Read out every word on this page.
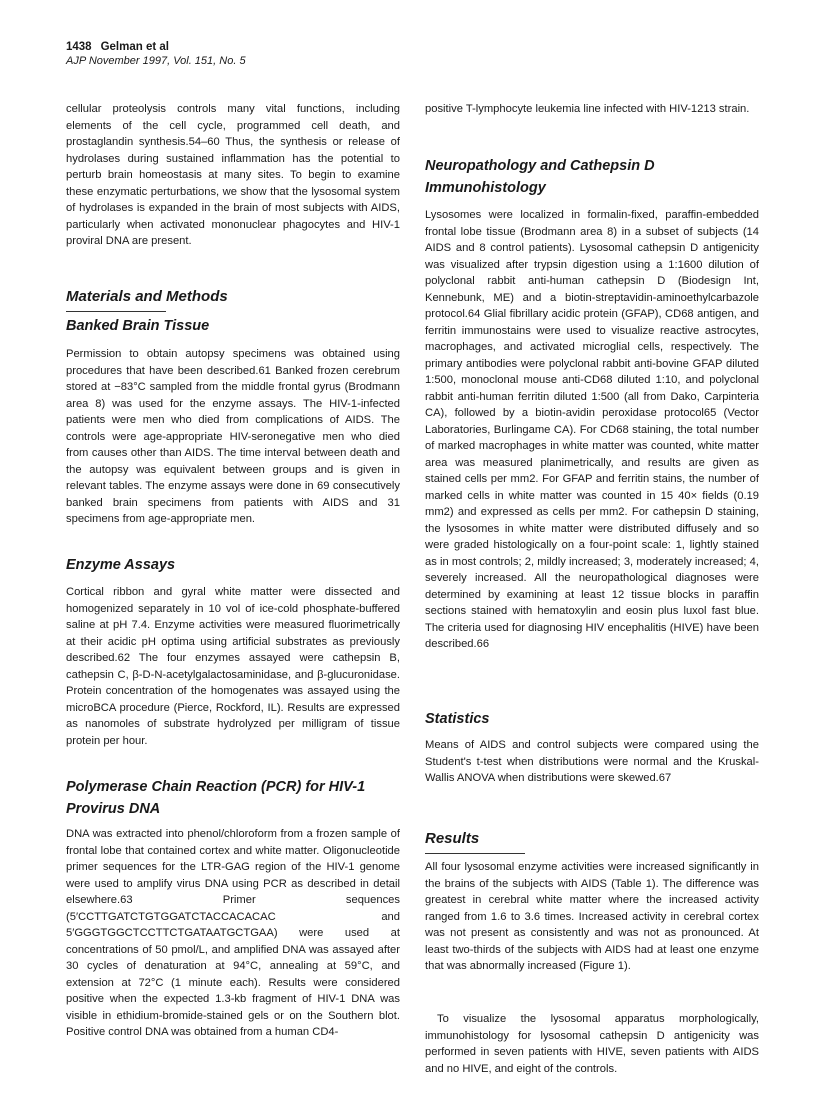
1438 Gelman et al
AJP November 1997, Vol. 151, No. 5

cellular proteolysis controls many vital functions, including elements of the cell cycle, programmed cell death, and prostaglandin synthesis.54–60 Thus, the synthesis or release of hydrolases during sustained inflammation has the potential to perturb brain homeostasis at many sites. To begin to examine these enzymatic perturbations, we show that the lysosomal system of hydrolases is expanded in the brain of most subjects with AIDS, particularly when activated mononuclear phagocytes and HIV-1 proviral DNA are present.

Materials and Methods
Banked Brain Tissue

Permission to obtain autopsy specimens was obtained using procedures that have been described.61 Banked frozen cerebrum stored at −83°C sampled from the middle frontal gyrus (Brodmann area 8) was used for the enzyme assays. The HIV-1-infected patients were men who died from complications of AIDS. The controls were age-appropriate HIV-seronegative men who died from causes other than AIDS. The time interval between death and the autopsy was equivalent between groups and is given in relevant tables. The enzyme assays were done in 69 consecutively banked brain specimens from patients with AIDS and 31 specimens from age-appropriate men.

Enzyme Assays

Cortical ribbon and gyral white matter were dissected and homogenized separately in 10 vol of ice-cold phosphate-buffered saline at pH 7.4. Enzyme activities were measured fluorimetrically at their acidic pH optima using artificial substrates as previously described.62 The four enzymes assayed were cathepsin B, cathepsin C, β-D-N-acetylgalactosaminidase, and β-glucuronidase. Protein concentration of the homogenates was assayed using the microBCA procedure (Pierce, Rockford, IL). Results are expressed as nanomoles of substrate hydrolyzed per milligram of tissue protein per hour.

Polymerase Chain Reaction (PCR) for HIV-1
Provirus DNA

DNA was extracted into phenol/chloroform from a frozen sample of frontal lobe that contained cortex and white matter. Oligonucleotide primer sequences for the LTR-GAG region of the HIV-1 genome were used to amplify virus DNA using PCR as described in detail elsewhere.63 Primer sequences (5′CCTTGATCTGTGGATCTACCACACAC and 5′GGGTGGCTCCTTCTGATAATGCTGAA) were used at concentrations of 50 pmol/L, and amplified DNA was assayed after 30 cycles of denaturation at 94°C, annealing at 59°C, and extension at 72°C (1 minute each). Results were considered positive when the expected 1.3-kb fragment of HIV-1 DNA was visible in ethidium-bromide-stained gels or on the Southern blot. Positive control DNA was obtained from a human CD4-

positive T-lymphocyte leukemia line infected with HIV-1213 strain.

Neuropathology and Cathepsin D
Immunohistology

Lysosomes were localized in formalin-fixed, paraffin-embedded frontal lobe tissue (Brodmann area 8) in a subset of subjects (14 AIDS and 8 control patients). Lysosomal cathepsin D antigenicity was visualized after trypsin digestion using a 1:1600 dilution of polyclonal rabbit anti-human cathepsin D (Biodesign Int, Kennebunk, ME) and a biotin-streptavidin-aminoethylcarbazole protocol.64 Glial fibrillary acidic protein (GFAP), CD68 antigen, and ferritin immunostains were used to visualize reactive astrocytes, macrophages, and activated microglial cells, respectively. The primary antibodies were polyclonal rabbit anti-bovine GFAP diluted 1:500, monoclonal mouse anti-CD68 diluted 1:10, and polyclonal rabbit anti-human ferritin diluted 1:500 (all from Dako, Carpinteria CA), followed by a biotin-avidin peroxidase protocol65 (Vector Laboratories, Burlingame CA). For CD68 staining, the total number of marked macrophages in white matter was counted, white matter area was measured planimetrically, and results are given as stained cells per mm2. For GFAP and ferritin stains, the number of marked cells in white matter was counted in 15 40× fields (0.19 mm2) and expressed as cells per mm2. For cathepsin D staining, the lysosomes in white matter were distributed diffusely and so were graded histologically on a four-point scale: 1, lightly stained as in most controls; 2, mildly increased; 3, moderately increased; 4, severely increased. All the neuropathological diagnoses were determined by examining at least 12 tissue blocks in paraffin sections stained with hematoxylin and eosin plus luxol fast blue. The criteria used for diagnosing HIV encephalitis (HIVE) have been described.66

Statistics

Means of AIDS and control subjects were compared using the Student's t-test when distributions were normal and the Kruskal-Wallis ANOVA when distributions were skewed.67

Results

All four lysosomal enzyme activities were increased significantly in the brains of the subjects with AIDS (Table 1). The difference was greatest in cerebral white matter where the increased activity ranged from 1.6 to 3.6 times. Increased activity in cerebral cortex was not present as consistently and was not as pronounced. At least two-thirds of the subjects with AIDS had at least one enzyme that was abnormally increased (Figure 1).

To visualize the lysosomal apparatus morphologically, immunohistology for lysosomal cathepsin D antigenicity was performed in seven patients with HIVE, seven patients with AIDS and no HIVE, and eight of the controls.
